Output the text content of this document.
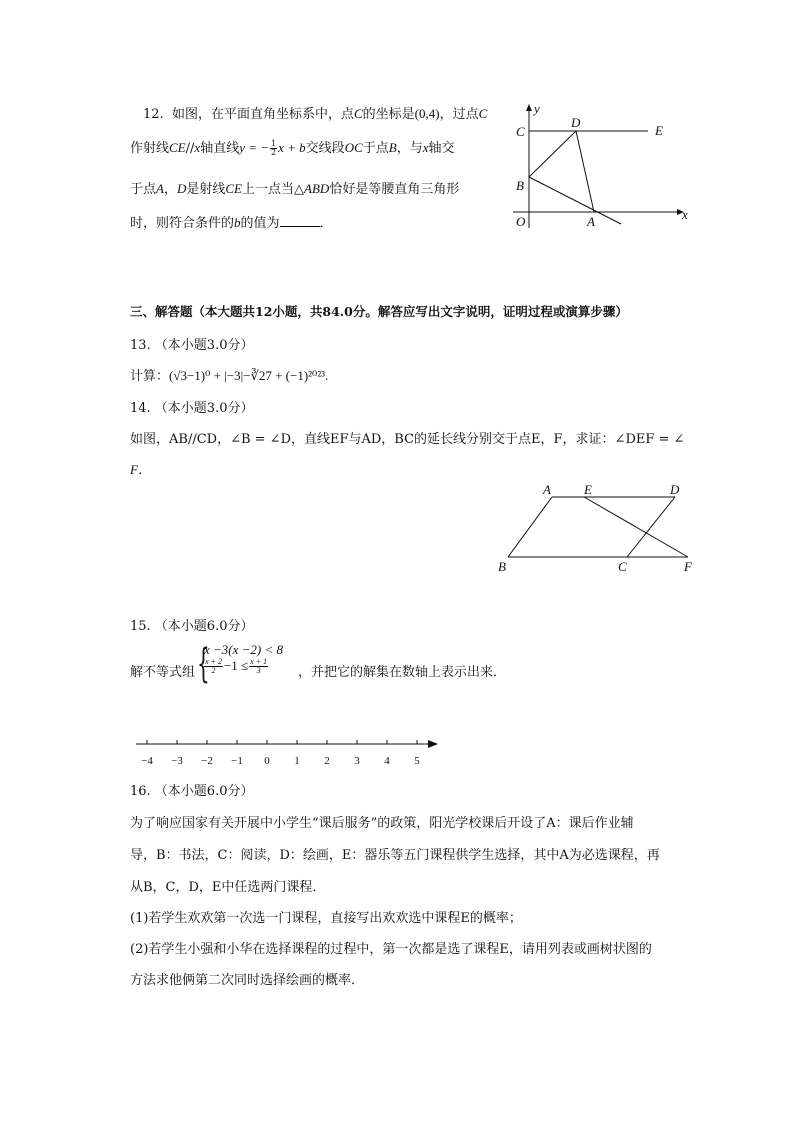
12. 如图，在平面直角坐标系中，点C的坐标是(0,4)，过点C
作射线CE//x轴直线y = − $\frac{1}{2}$ x + b交线段OC于点B，与x轴交
于点A，D是射线CE上一点当△ABD恰好是等腰直角三角形
时，则符合条件的b的值为	．
y
C
D
E
B
O	A	x
三、解答题（本大题共12小题，共84.0分。解答应写出文字说明，证明过程或演算步骤）
13. （本小题3.0分）
计算：(√3−1)⁰ + |−3|−∛27 + (−1)²⁰²³.
14. （本小题3.0分）
如图，AB//CD，∠B = ∠D，直线EF与AD，BC的延长线分别交于点E，F，求证：∠DEF = ∠
F．
A	E	D
B	C	F
15. （本小题6.0分）
解不等式组 {
x −3(x −2) < 8
$\frac{x + 2}{2} -1 \le \frac{x + 1}{3}$ ，并把它的解集在数轴上表示出来．
−4 −3 −2 −1 0 1 2 3 4 5
16. （本小题6.0分）
为了响应国家有关开展中小学生“课后服务”的政策，阳光学校课后开设了A：课后作业辅
导，B：书法，C：阅读，D：绘画，E：器乐等五门课程供学生选择，其中A为必选课程，再
从B，C，D，E中任选两门课程．
(1)若学生欢欢第一次选一门课程，直接写出欢欢选中课程E的概率；
(2)若学生小强和小华在选择课程的过程中，第一次都是选了课程E，请用列表或画树状图的
方法求他俩第二次同时选择绘画的概率．
